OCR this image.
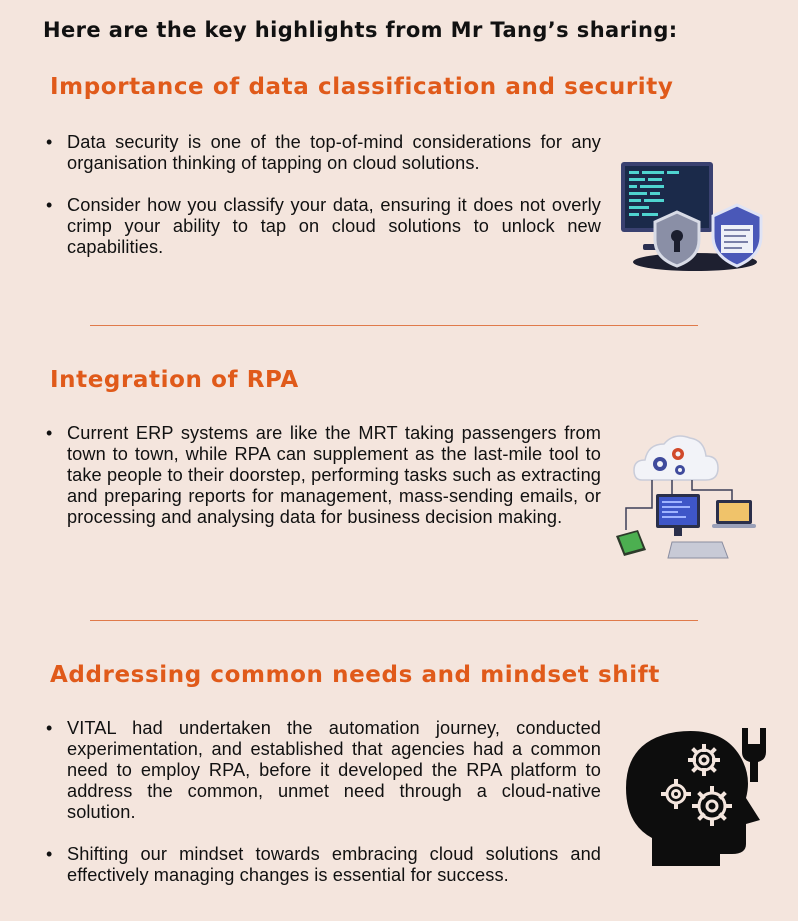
Here are the key highlights from Mr Tang’s sharing:
Importance of data classification and security
• Data security is one of the top-of-mind considerations for any organisation thinking of tapping on cloud solutions.
• Consider how you classify your data, ensuring it does not overly crimp your ability to tap on cloud solutions to unlock new capabilities.
Integration of RPA
• Current ERP systems are like the MRT taking passengers from town to town, while RPA can supplement as the last-mile tool to take people to their doorstep, performing tasks such as extracting and preparing reports for management, mass-sending emails, or processing and analysing data for business decision making.
Addressing common needs and mindset shift
• VITAL had undertaken the automation journey, conducted experimentation, and established that agencies had a common need to employ RPA, before it developed the RPA platform to address the common, unmet need through a cloud-native solution.
• Shifting our mindset towards embracing cloud solutions and effectively managing changes is essential for success.
